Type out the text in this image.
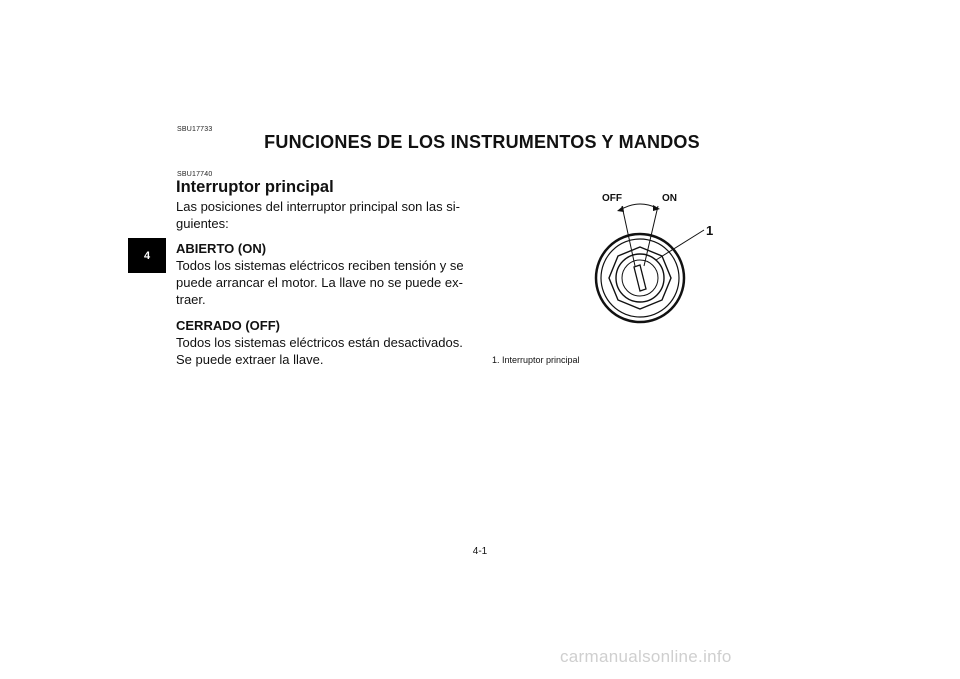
SBU17733
FUNCIONES DE LOS INSTRUMENTOS Y MANDOS
4
SBU17740
Interruptor principal
Las posiciones del interruptor principal son las si-
guientes:
ABIERTO (ON)
Todos los sistemas eléctricos reciben tensión y se
puede arrancar el motor. La llave no se puede ex-
traer.
CERRADO (OFF)
Todos los sistemas eléctricos están desactivados.
Se puede extraer la llave.
OFF	ON
1
1. Interruptor principal
4-1
carmanualsonline.info
